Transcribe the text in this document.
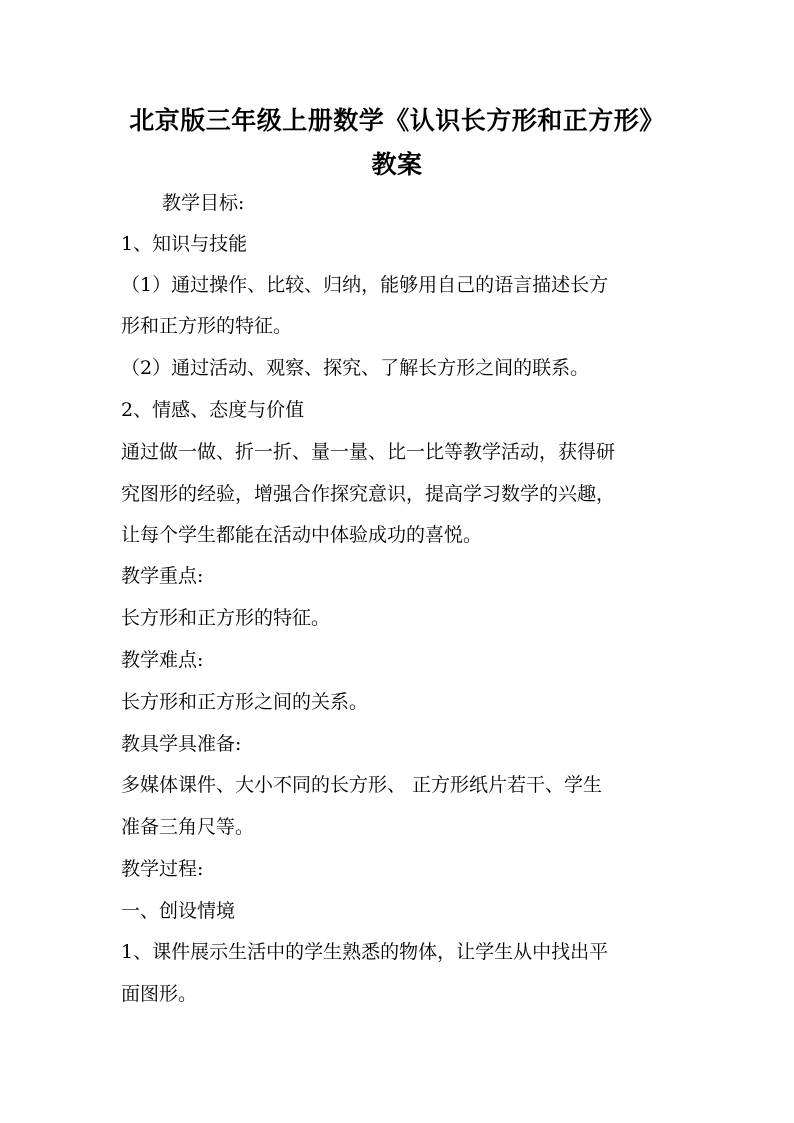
北京版三年级上册数学《认识长方形和正方形》
教案
教学目标:
1、知识与技能
（1）通过操作、比较、归纳，能够用自己的语言描述长方
形和正方形的特征。
（2）通过活动、观察、探究、了解长方形之间的联系。
2、情感、态度与价值
通过做一做、折一折、量一量、比一比等教学活动，获得研
究图形的经验，增强合作探究意识，提高学习数学的兴趣，
让每个学生都能在活动中体验成功的喜悦。
教学重点:
长方形和正方形的特征。
教学难点:
长方形和正方形之间的关系。
教具学具准备:
多媒体课件、大小不同的长方形、 正方形纸片若干、学生
准备三角尺等。
教学过程:
一、创设情境
1、课件展示生活中的学生熟悉的物体，让学生从中找出平
面图形。
